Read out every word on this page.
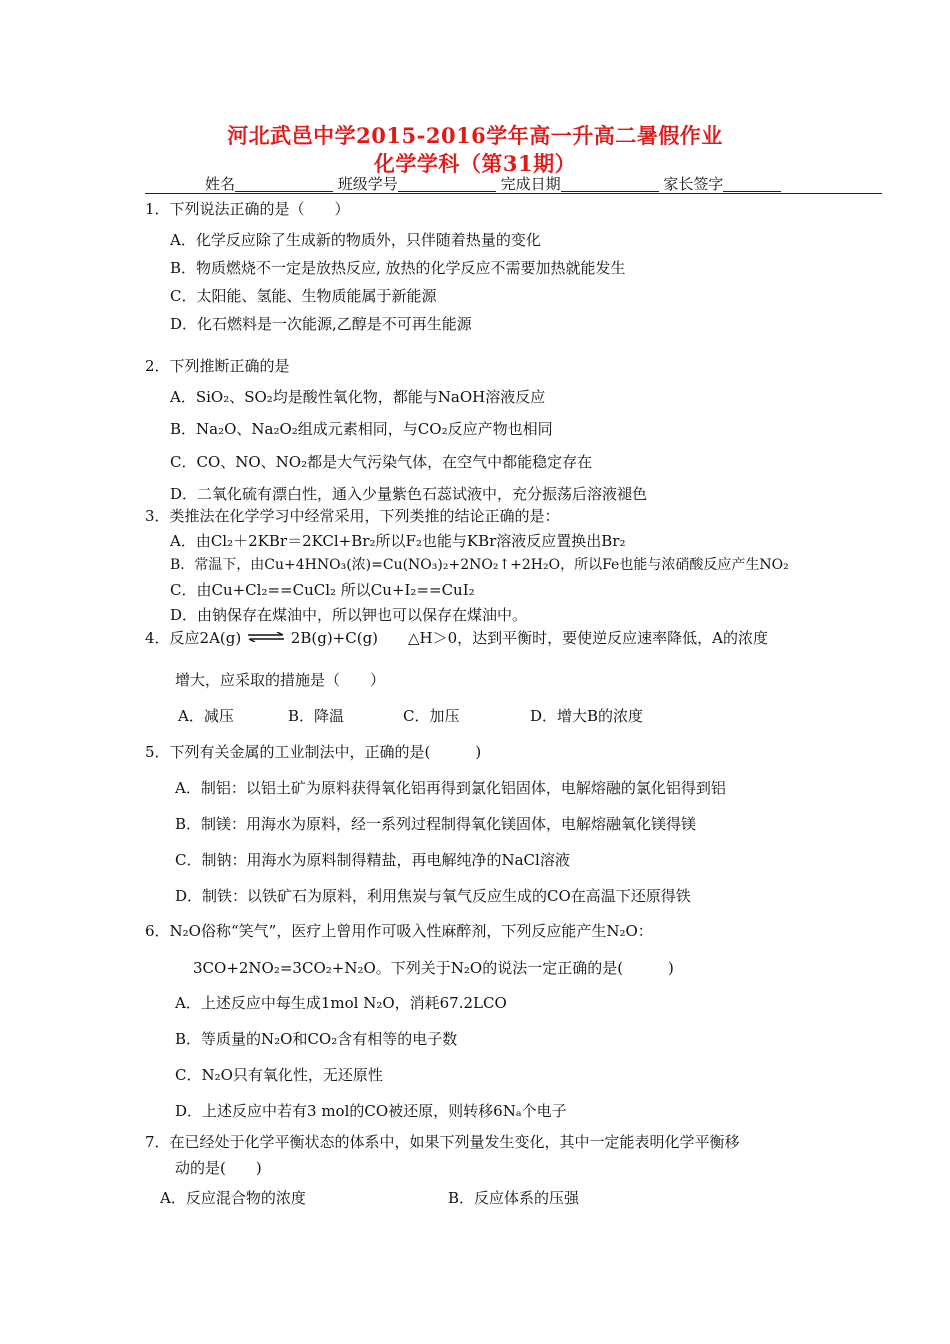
河北武邑中学2015-2016学年高一升高二暑假作业
化学学科（第31期）
姓名	班级学号	完成日期	家长签字
1．下列说法正确的是（　　）
A．化学反应除了生成新的物质外，只伴随着热量的变化
B．物质燃烧不一定是放热反应, 放热的化学反应不需要加热就能发生
C．太阳能、氢能、生物质能属于新能源
D．化石燃料是一次能源,乙醇是不可再生能源
2．下列推断正确的是
A．SiO₂、SO₂均是酸性氧化物，都能与NaOH溶液反应
B．Na₂O、Na₂O₂组成元素相同，与CO₂反应产物也相同
C．CO、NO、NO₂都是大气污染气体，在空气中都能稳定存在
D．二氧化硫有漂白性，通入少量紫色石蕊试液中，充分振荡后溶液褪色
3．类推法在化学学习中经常采用，下列类推的结论正确的是：
A．由Cl₂＋2KBr＝2KCl+Br₂所以F₂也能与KBr溶液反应置换出Br₂
B．常温下，由Cu+4HNO₃(浓)=Cu(NO₃)₂+2NO₂↑+2H₂O，所以Fe也能与浓硝酸反应产生NO₂
C．由Cu+Cl₂==CuCl₂ 所以Cu+I₂==CuI₂
D．由钠保存在煤油中，所以钾也可以保存在煤油中。
4．反应2A(g) ⇌ 2B(g)+C(g)　　△H＞0，达到平衡时，要使逆反应速率降低，A的浓度
增大，应采取的措施是（　　）
A．减压	B．降温	C．加压	D．增大B的浓度
5．下列有关金属的工业制法中，正确的是(　　　)
A．制铝：以铝土矿为原料获得氧化铝再得到氯化铝固体，电解熔融的氯化铝得到铝
B．制镁：用海水为原料，经一系列过程制得氧化镁固体，电解熔融氧化镁得镁
C．制钠：用海水为原料制得精盐，再电解纯净的NaCl溶液
D．制铁：以铁矿石为原料，利用焦炭与氧气反应生成的CO在高温下还原得铁
6．N₂O俗称“笑气”，医疗上曾用作可吸入性麻醉剂，下列反应能产生N₂O：
3CO+2NO₂=3CO₂+N₂O。下列关于N₂O的说法一定正确的是(　　　)
A．上述反应中每生成1mol N₂O，消耗67.2LCO
B．等质量的N₂O和CO₂含有相等的电子数
C．N₂O只有氧化性，无还原性
D．上述反应中若有3 mol的CO被还原，则转移6Nₐ个电子
7．在已经处于化学平衡状态的体系中，如果下列量发生变化，其中一定能表明化学平衡移
动的是(　　)
A．反应混合物的浓度	B．反应体系的压强
